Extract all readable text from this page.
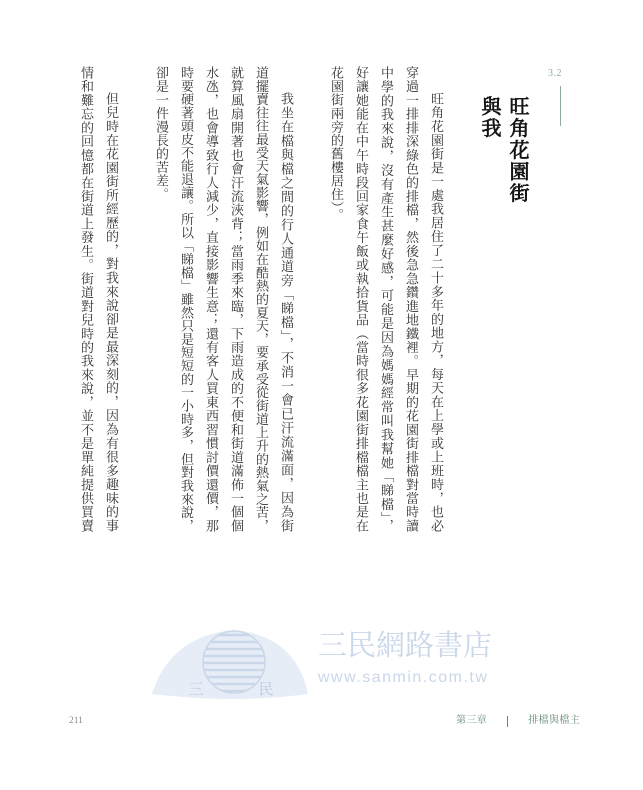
3.2
旺角花園街
與我
旺角花園街是一處我居住了二十多年的地方，每天在上學或上班時，也必
穿過一排排深綠色的排檔，然後急急鑽進地鐵裡。早期的花園街排檔對當時讀
中學的我來說，沒有產生甚麼好感，可能是因為媽媽經常叫我幫她「睇檔」，
好讓她能在中午時段回家食午飯或執拾貨品（當時很多花園街排檔檔主也是在
花園街兩旁的舊樓居住）。
我坐在檔與檔之間的行人通道旁「睇檔」，不消一會已汗流滿面，因為街
道擺賣往往最受天氣影響，例如在酷熱的夏天，要承受從街道上升的熱氣之苦，
就算風扇開著也會汗流浹背；當雨季來臨，下雨造成的不便和街道滿佈一個個
水氹，也會導致行人減少，直接影響生意；還有客人買東西習慣討價還價，那
時要硬著頭皮不能退讓。所以「睇檔」雖然只是短短的一小時多，但對我來說，
卻是一件漫長的苦差。
但兒時在花園街所經歷的，對我來說卻是最深刻的，因為有很多趣味的事
情和難忘的回憶都在街道上發生。街道對兒時的我來說，並不是單純提供買賣
三	民
三民網路書店
www.sanmin.com.tw
211	第三章	排檔與檔主
